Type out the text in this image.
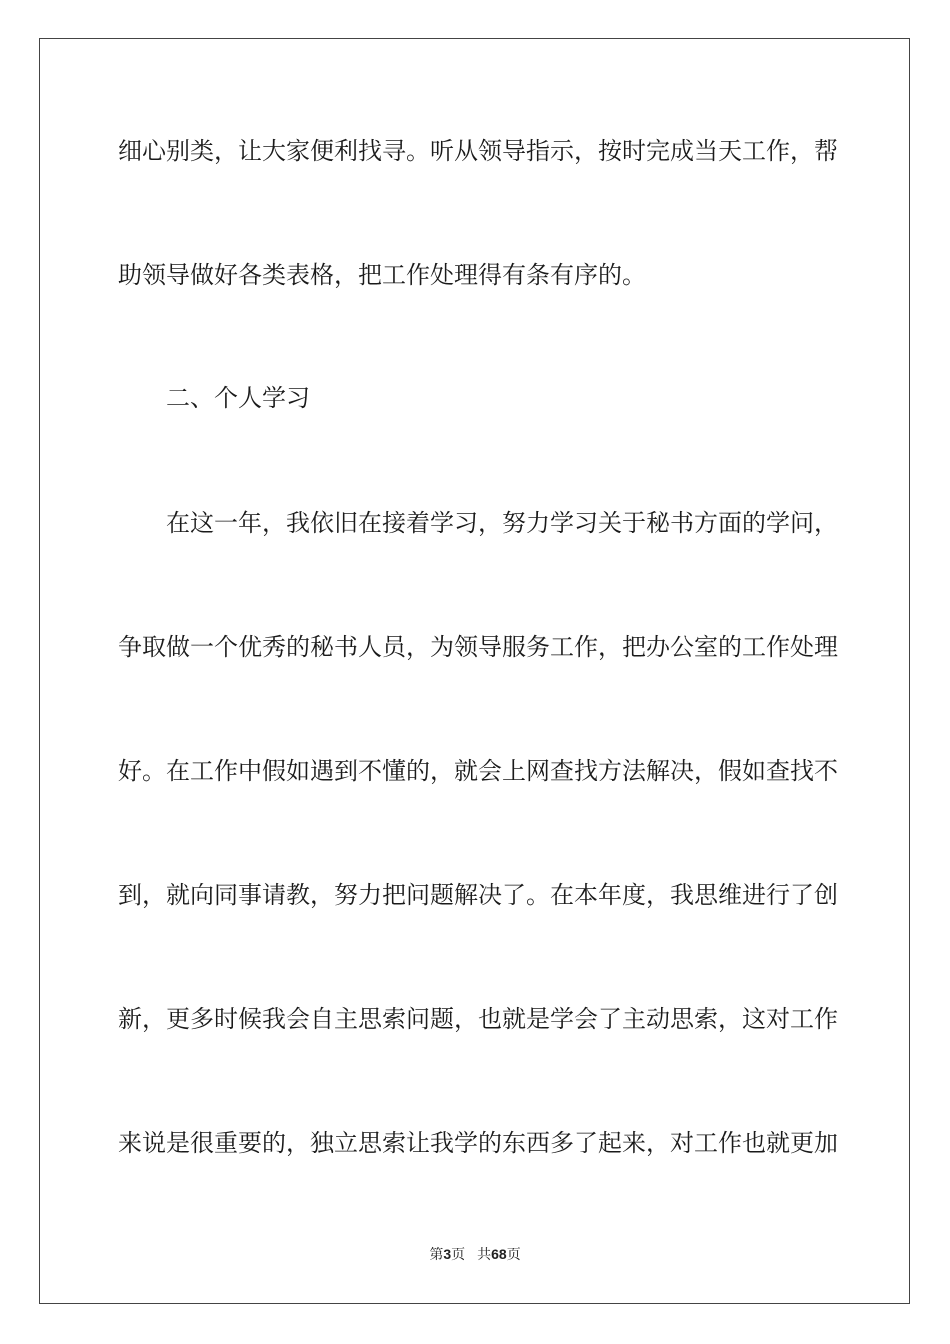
细心别类，让大家便利找寻。听从领导指示，按时完成当天工作，帮
助领导做好各类表格，把工作处理得有条有序的。
二、个人学习
在这一年，我依旧在接着学习，努力学习关于秘书方面的学问，
争取做一个优秀的秘书人员，为领导服务工作，把办公室的工作处理
好。在工作中假如遇到不懂的，就会上网查找方法解决，假如查找不
到，就向同事请教，努力把问题解决了。在本年度，我思维进行了创
新，更多时候我会自主思索问题，也就是学会了主动思索，这对工作
来说是很重要的，独立思索让我学的东西多了起来，对工作也就更加
第3页 共68页
